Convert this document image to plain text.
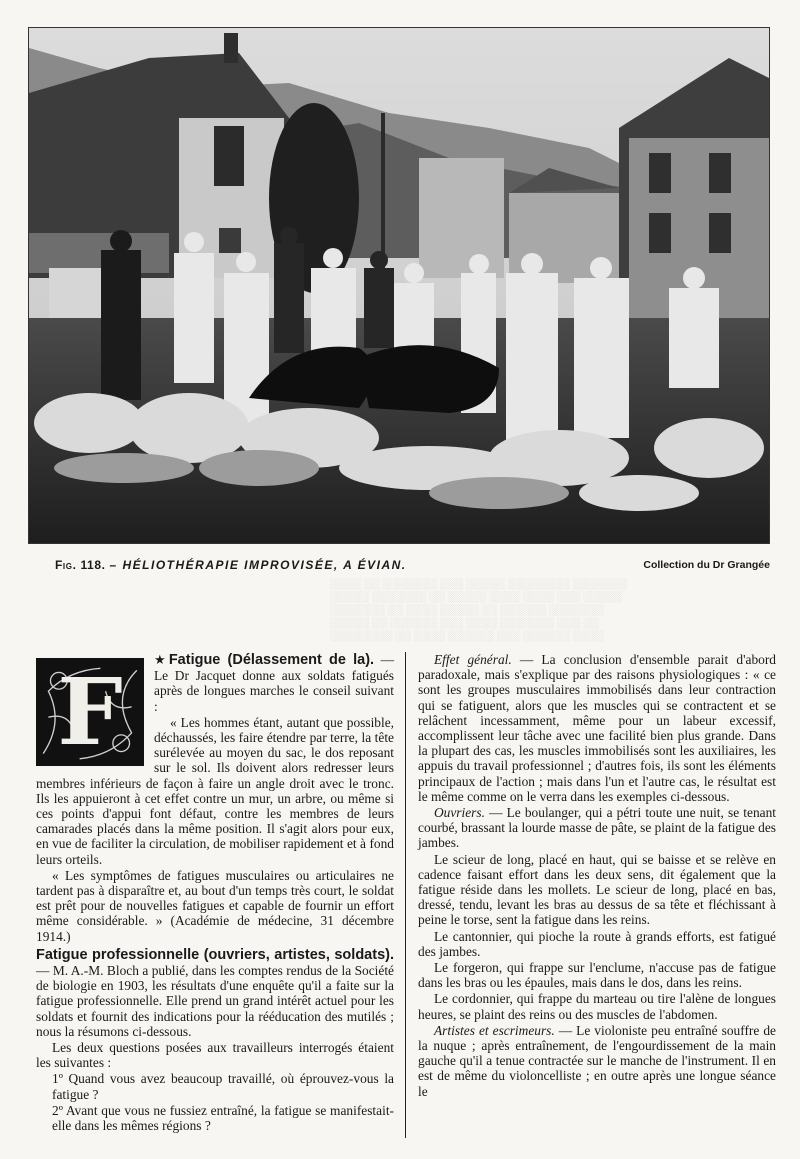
░░░░ ░░ ░░░░░░░ ░░░ ░░░░░ ░░░░░░░░ ░░░░░░░
░░░░░ ░░░░░░░ ░░ ░░░░░ ░░░░ ░░░░ ░░░ ░░░░░
░░░░░░░ ░░ ░░░░ ░░░░░ ░░ ░░░░░░ ░░░░░░░
░░░░░ ░░ ░░░░░░ ░░░ ░░░░ ░░░░░░░ ░░░ ░░
░░░░░░░░ ░░ ░░░░ ░░░░░░ ░░░ ░░░░░░ ░░░░
Fig. 118. – HÉLIOTHÉRAPIE IMPROVISÉE, A ÉVIAN.	Collection du Dr Grangée
F	★Fatigue (Délassement de la). — Le Dr Jacquet donne aux soldats fatigués après de longues marches le conseil suivant :

« Les hommes étant, autant que possible, déchaussés, les faire étendre par terre, la tête surélevée au moyen du sac, le dos reposant sur le sol. Ils doivent alors redresser leurs membres inférieurs de façon à faire un angle droit avec le tronc. Ils les appuieront à cet effet contre un mur, un arbre, ou même si ces points d'appui font défaut, contre les membres de leurs camarades placés dans la même position. Il s'agit alors pour eux, en vue de faciliter la circulation, de mobiliser rapidement et à fond leurs orteils.

« Les symptômes de fatigues musculaires ou articulaires ne tardent pas à disparaître et, au bout d'un temps très court, le soldat est prêt pour de nouvelles fatigues et capable de fournir un effort même considérable. » (Académie de médecine, 31 décembre 1914.)

Fatigue professionnelle (ouvriers, artistes, soldats). — M. A.-M. Bloch a publié, dans les comptes rendus de la Société de biologie en 1903, les résultats d'une enquête qu'il a faite sur la fatigue professionnelle. Elle prend un grand intérêt actuel pour les soldats et fournit des indications pour la rééducation des mutilés ; nous la résumons ci-dessous.

Les deux questions posées aux travailleurs interrogés étaient les suivantes :

1º Quand vous avez beaucoup travaillé, où éprouvez-vous la fatigue ?

2º Avant que vous ne fussiez entraîné, la fatigue se manifestait-elle dans les mêmes régions ?

Effet général. — La conclusion d'ensemble parait d'abord paradoxale, mais s'explique par des raisons physiologiques : « ce sont les groupes musculaires immobilisés dans leur contraction qui se fatiguent, alors que les muscles qui se contractent et se relâchent incessamment, même pour un labeur excessif, accomplissent leur tâche avec une facilité bien plus grande. Dans la plupart des cas, les muscles immobilisés sont les auxiliaires, les appuis du travail professionnel ; d'autres fois, ils sont les éléments principaux de l'action ; mais dans l'un et l'autre cas, le résultat est le même comme on le verra dans les exemples ci-dessous.

Ouvriers. — Le boulanger, qui a pétri toute une nuit, se tenant courbé, brassant la lourde masse de pâte, se plaint de la fatigue des jambes.

Le scieur de long, placé en haut, qui se baisse et se relève en cadence faisant effort dans les deux sens, dit également que la fatigue réside dans les mollets. Le scieur de long, placé en bas, dressé, tendu, levant les bras au dessus de sa tête et fléchissant à peine le torse, sent la fatigue dans les reins.

Le cantonnier, qui pioche la route à grands efforts, est fatigué des jambes.

Le forgeron, qui frappe sur l'enclume, n'accuse pas de fatigue dans les bras ou les épaules, mais dans le dos, dans les reins.

Le cordonnier, qui frappe du marteau ou tire l'alène de longues heures, se plaint des reins ou des muscles de l'abdomen.

Artistes et escrimeurs. — Le violoniste peu entraîné souffre de la nuque ; après entraînement, de l'engourdissement de la main gauche qu'il a tenue contractée sur le manche de l'instrument. Il en est de même du violoncelliste ; en outre après une longue séance le
